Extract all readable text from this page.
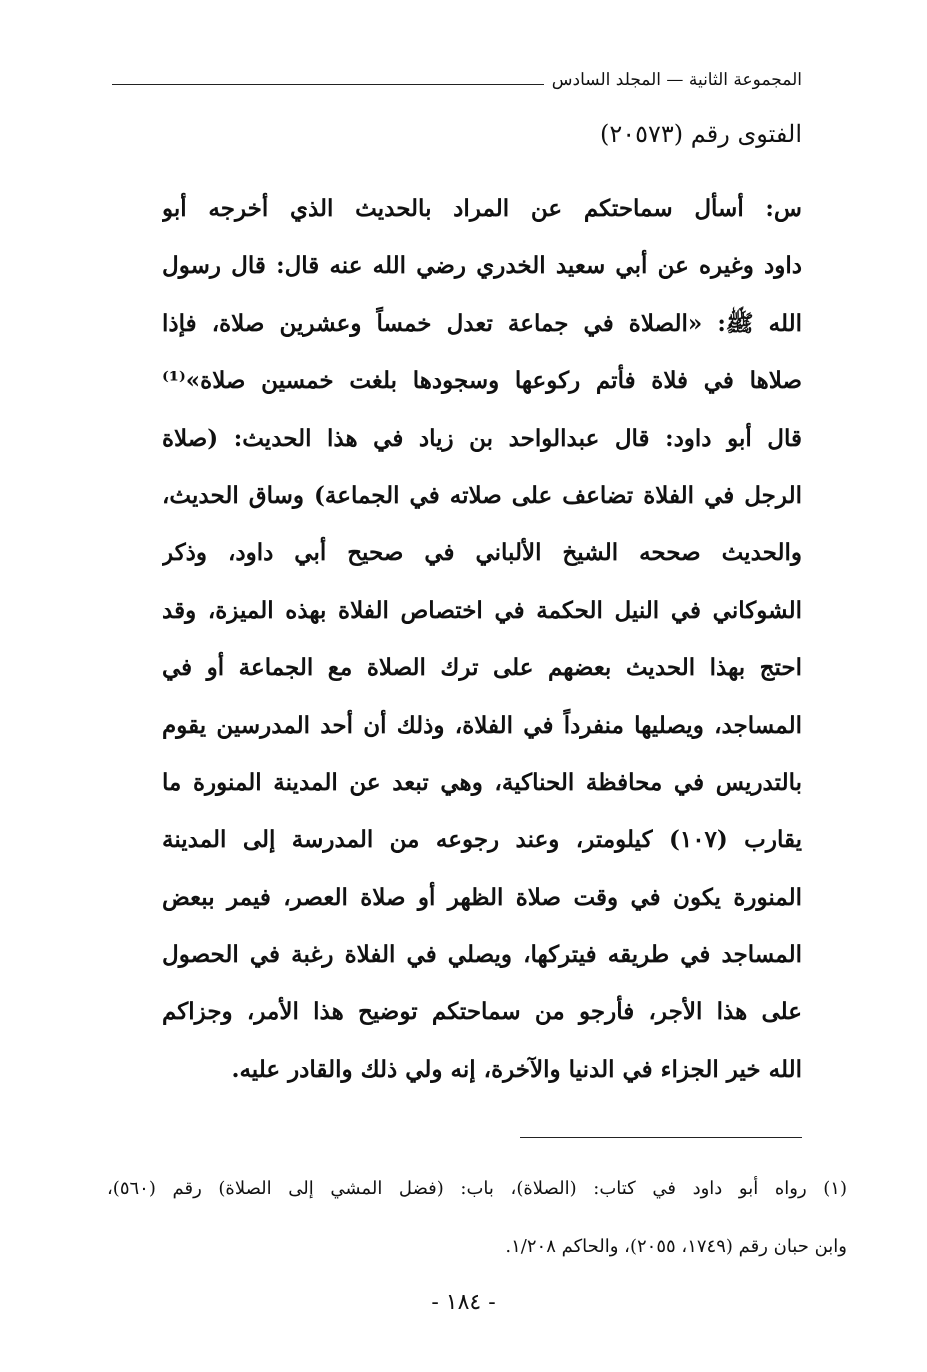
المجموعة الثانية — المجلد السادس
الفتوى رقم (٢٠٥٧٣)
س: أسأل سماحتكم عن المراد بالحديث الذي أخرجه أبو
داود وغيره عن أبي سعيد الخدري رضي الله عنه قال: قال رسول
الله ﷺ: «الصلاة في جماعة تعدل خمساً وعشرين صلاة، فإذا
صلاها في فلاة فأتم ركوعها وسجودها بلغت خمسين صلاة»⁽¹⁾
قال أبو داود: قال عبدالواحد بن زياد في هذا الحديث: (صلاة
الرجل في الفلاة تضاعف على صلاته في الجماعة) وساق الحديث،
والحديث صححه الشيخ الألباني في صحيح أبي داود، وذكر
الشوكاني في النيل الحكمة في اختصاص الفلاة بهذه الميزة، وقد
احتج بهذا الحديث بعضهم على ترك الصلاة مع الجماعة أو في
المساجد، ويصليها منفرداً في الفلاة، وذلك أن أحد المدرسين يقوم
بالتدريس في محافظة الحناكية، وهي تبعد عن المدينة المنورة ما
يقارب (١٠٧) كيلومتر، وعند رجوعه من المدرسة إلى المدينة
المنورة يكون في وقت صلاة الظهر أو صلاة العصر، فيمر ببعض
المساجد في طريقه فيتركها، ويصلي في الفلاة رغبة في الحصول
على هذا الأجر، فأرجو من سماحتكم توضيح هذا الأمر، وجزاكم
الله خير الجزاء في الدنيا والآخرة، إنه ولي ذلك والقادر عليه.
(١) رواه أبو داود في كتاب: (الصلاة)، باب: (فضل المشي إلى الصلاة) رقم (٥٦٠)،
وابن حبان رقم (١٧٤٩، ٢٠٥٥)، والحاكم ١/٢٠٨.
- ١٨٤ -
